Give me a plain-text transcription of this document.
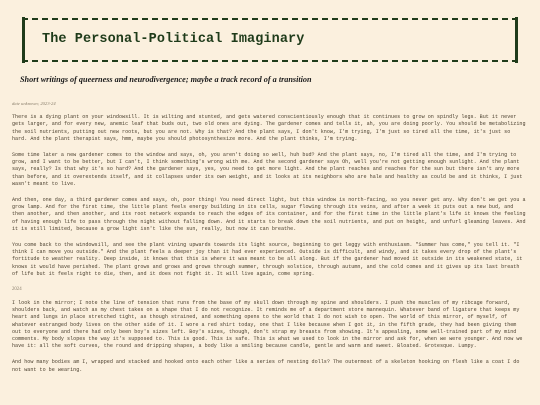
The Personal-Political Imaginary

Short writings of queerness and neurodivergence; maybe a track record of a transition

date unknown; 2023-24

There is a dying plant on your windowsill. It is wilting and stunted, and gets watered conscientiously enough that it continues to grow on spindly legs. But it never gets larger, and for every new, anemic leaf that buds out, two old ones are dying. The gardener comes and tells it, ah, you are doing poorly. You should be metabolizing the soil nutrients, putting out new roots, but you are not. Why is that? And the plant says, I don't know, I'm trying, I'm just so tired all the time, it's just so hard. And the plant therapist says, hmm, maybe you should photosynthesize more. And the plant thinks, I'm trying.

Some time later a new gardener comes to the window and says, oh, you aren't doing so well, huh bud? And the plant says, no, I'm tired all the time, and I'm trying to grow, and I want to be better, but I can't, I think something's wrong with me. And the second gardener says Oh, well you're not getting enough sunlight. And the plant says, really? Is that why it's so hard? And the gardener says, yes, you need to get more light. And the plant reaches and reaches for the sun but there isn't any more than before, and it overextends itself, and it collapses under its own weight, and it looks at its neighbors who are hale and healthy as could be and it thinks, I just wasn't meant to live.

And then, one day, a third gardener comes and says, oh, poor thing! You need direct light, but this window is north-facing, so you never get any. Why don't we get you a grow lamp. And for the first time, the little plant feels energy building in its cells, sugar flowing through its veins, and after a week it puts out a new bud, and then another, and then another, and its root network expands to reach the edges of its container, and for the first time in the little plant's life it knows the feeling of having enough life to pass through the night without falling down. And it starts to break down the soil nutrients, and put on height, and unfurl gleaming leaves. And it is still limited, because a grow light isn't like the sun, really, but now it can breathe.

You come back to the windowsill, and see the plant vining upwards towards its light source, beginning to get leggy with enthusiasm. "Summer has come," you tell it. "I think I can move you outside." And the plant feels a deeper joy than it had ever experienced. Outside is difficult, and windy, and it takes every drop of the plant's fortitude to weather reality. Deep inside, it knows that this is where it was meant to be all along. But if the gardener had moved it outside in its weakened state, it knows it would have perished. The plant grows and grows and grows through summer, through solstice, through autumn, and the cold comes and it gives up its last breath of life but it feels right to die, then, and it does not fight it. It will live again, come spring.

2024

I look in the mirror; I note the line of tension that runs from the base of my skull down through my spine and shoulders. I push the muscles of my ribcage forward, shoulders back, and watch as my chest takes on a shape that I do not recognize. It reminds me of a department store mannequin. Whatever band of ligature that keeps my heart and lungs in place stretched tight, as though strained, and something opens to the world that I do not wish to open. The world of this mirror, of myself, of whatever estranged body lives on the other side of it. I wore a red shirt today, one that I like because when I got it, in the fifth grade, they had been giving them out to everyone and there had only been boy's sizes left. Boy's sizes, though, don't strap my breasts from showing. It's appealing, some well-trained part of my mind comments. My body slopes the way it's supposed to. This is good. This is safe. This is what we used to look in the mirror and ask for, when we were younger. And now we have it: all the soft curves, the round and dripping shapes, a body like a smiling because candle, gentle and warm and sweet. Bloated. Grotesque. Lumpy.

And how many bodies am I, wrapped and stacked and hooked onto each other like a series of nesting dolls? The outermost of a skeleton hooking on flesh like a coat I do not want to be wearing.
